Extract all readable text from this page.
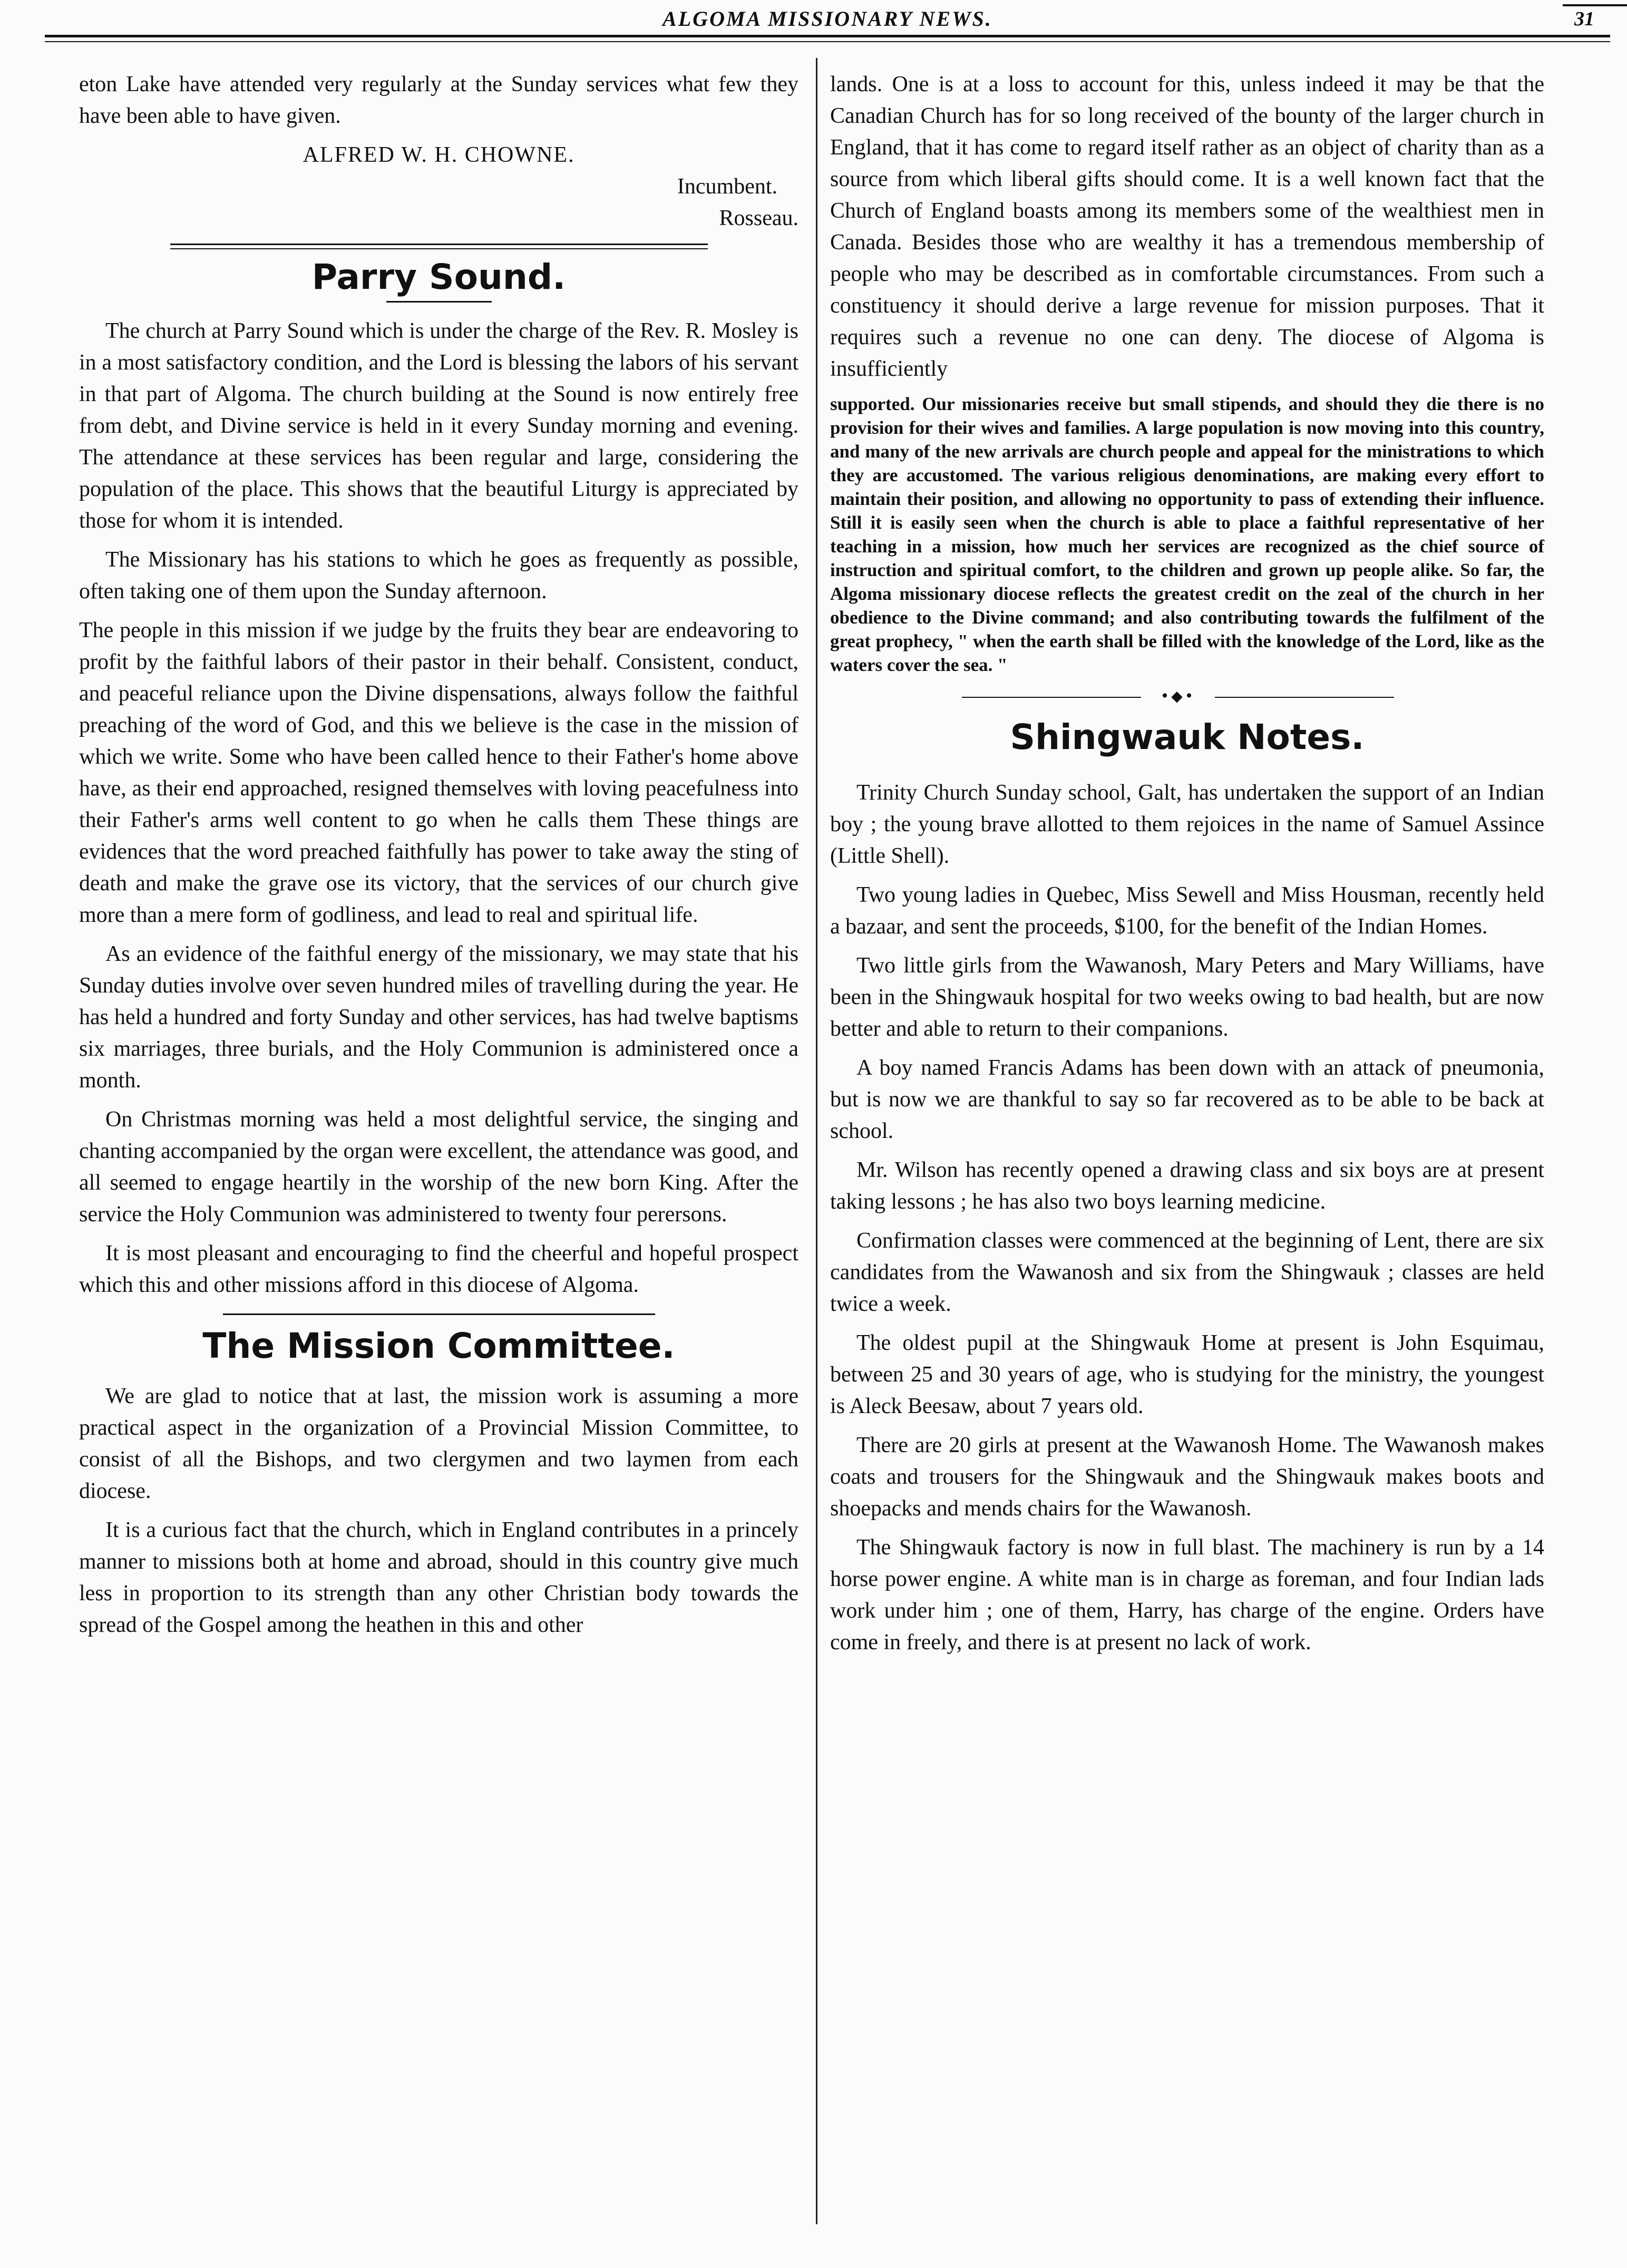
ALGOMA MISSIONARY NEWS.	31

eton Lake have attended very regularly at the Sunday services what few they have been able to have given.

ALFRED W. H. CHOWNE.
Incumbent.
Rosseau.
Parry Sound.

The church at Parry Sound which is under the charge of the Rev. R. Mosley is in a most satisfactory condition, and the Lord is blessing the labors of his servant in that part of Algoma. The church building at the Sound is now entirely free from debt, and Divine service is held in it every Sunday morning and evening. The attendance at these services has been regular and large, considering the population of the place. This shows that the beautiful Liturgy is appreciated by those for whom it is intended.

The Missionary has his stations to which he goes as frequently as possible, often taking one of them upon the Sunday afternoon.

The people in this mission if we judge by the fruits they bear are endeavoring to profit by the faithful labors of their pastor in their behalf. Consistent, conduct, and peaceful reliance upon the Divine dispensations, always follow the faithful preaching of the word of God, and this we believe is the case in the mission of which we write. Some who have been called hence to their Father's home above have, as their end approached, resigned themselves with loving peacefulness into their Father's arms well content to go when he calls them These things are evidences that the word preached faithfully has power to take away the sting of death and make the grave ose its victory, that the services of our church give more than a mere form of godliness, and lead to real and spiritual life.

As an evidence of the faithful energy of the missionary, we may state that his Sunday duties involve over seven hundred miles of travelling during the year. He has held a hundred and forty Sunday and other services, has had twelve baptisms six marriages, three burials, and the Holy Communion is administered once a month.

On Christmas morning was held a most delightful service, the singing and chanting accompanied by the organ were excellent, the attendance was good, and all seemed to engage heartily in the worship of the new born King. After the service the Holy Communion was administered to twenty four perersons.

It is most pleasant and encouraging to find the cheerful and hopeful prospect which this and other missions afford in this diocese of Algoma.

The Mission Committee.

We are glad to notice that at last, the mission work is assuming a more practical aspect in the organization of a Provincial Mission Committee, to consist of all the Bishops, and two clergymen and two laymen from each diocese.

It is a curious fact that the church, which in England contributes in a princely manner to missions both at home and abroad, should in this country give much less in proportion to its strength than any other Christian body towards the spread of the Gospel among the heathen in this and other

lands. One is at a loss to account for this, unless indeed it may be that the Canadian Church has for so long received of the bounty of the larger church in England, that it has come to regard itself rather as an object of charity than as a source from which liberal gifts should come. It is a well known fact that the Church of England boasts among its members some of the wealthiest men in Canada. Besides those who are wealthy it has a tremendous membership of people who may be described as in comfortable circumstances. From such a constituency it should derive a large revenue for mission purposes. That it requires such a revenue no one can deny. The diocese of Algoma is insufficiently

supported. Our missionaries receive but small stipends, and should they die there is no provision for their wives and families. A large population is now moving into this country, and many of the new arrivals are church people and appeal for the ministrations to which they are accustomed. The various religious denominations, are making every effort to maintain their position, and allowing no opportunity to pass of extending their influence. Still it is easily seen when the church is able to place a faithful representative of her teaching in a mission, how much her services are recognized as the chief source of instruction and spiritual comfort, to the children and grown up people alike. So far, the Algoma missionary diocese reflects the greatest credit on the zeal of the church in her obedience to the Divine command; and also contributing towards the fulfilment of the great prophecy, " when the earth shall be filled with the knowledge of the Lord, like as the waters cover the sea. "

•◆•
Shingwauk Notes.

Trinity Church Sunday school, Galt, has undertaken the support of an Indian boy ; the young brave allotted to them rejoices in the name of Samuel Assince (Little Shell).

Two young ladies in Quebec, Miss Sewell and Miss Housman, recently held a bazaar, and sent the proceeds, $100, for the benefit of the Indian Homes.

Two little girls from the Wawanosh, Mary Peters and Mary Williams, have been in the Shingwauk hospital for two weeks owing to bad health, but are now better and able to return to their companions.

A boy named Francis Adams has been down with an attack of pneumonia, but is now we are thankful to say so far recovered as to be able to be back at school.

Mr. Wilson has recently opened a drawing class and six boys are at present taking lessons ; he has also two boys learning medicine.

Confirmation classes were commenced at the beginning of Lent, there are six candidates from the Wawanosh and six from the Shingwauk ; classes are held twice a week.

The oldest pupil at the Shingwauk Home at present is John Esquimau, between 25 and 30 years of age, who is studying for the ministry, the youngest is Aleck Beesaw, about 7 years old.

There are 20 girls at present at the Wawanosh Home. The Wawanosh makes coats and trousers for the Shingwauk and the Shingwauk makes boots and shoepacks and mends chairs for the Wawanosh.

The Shingwauk factory is now in full blast. The machinery is run by a 14 horse power engine. A white man is in charge as foreman, and four Indian lads work under him ; one of them, Harry, has charge of the engine. Orders have come in freely, and there is at present no lack of work.
